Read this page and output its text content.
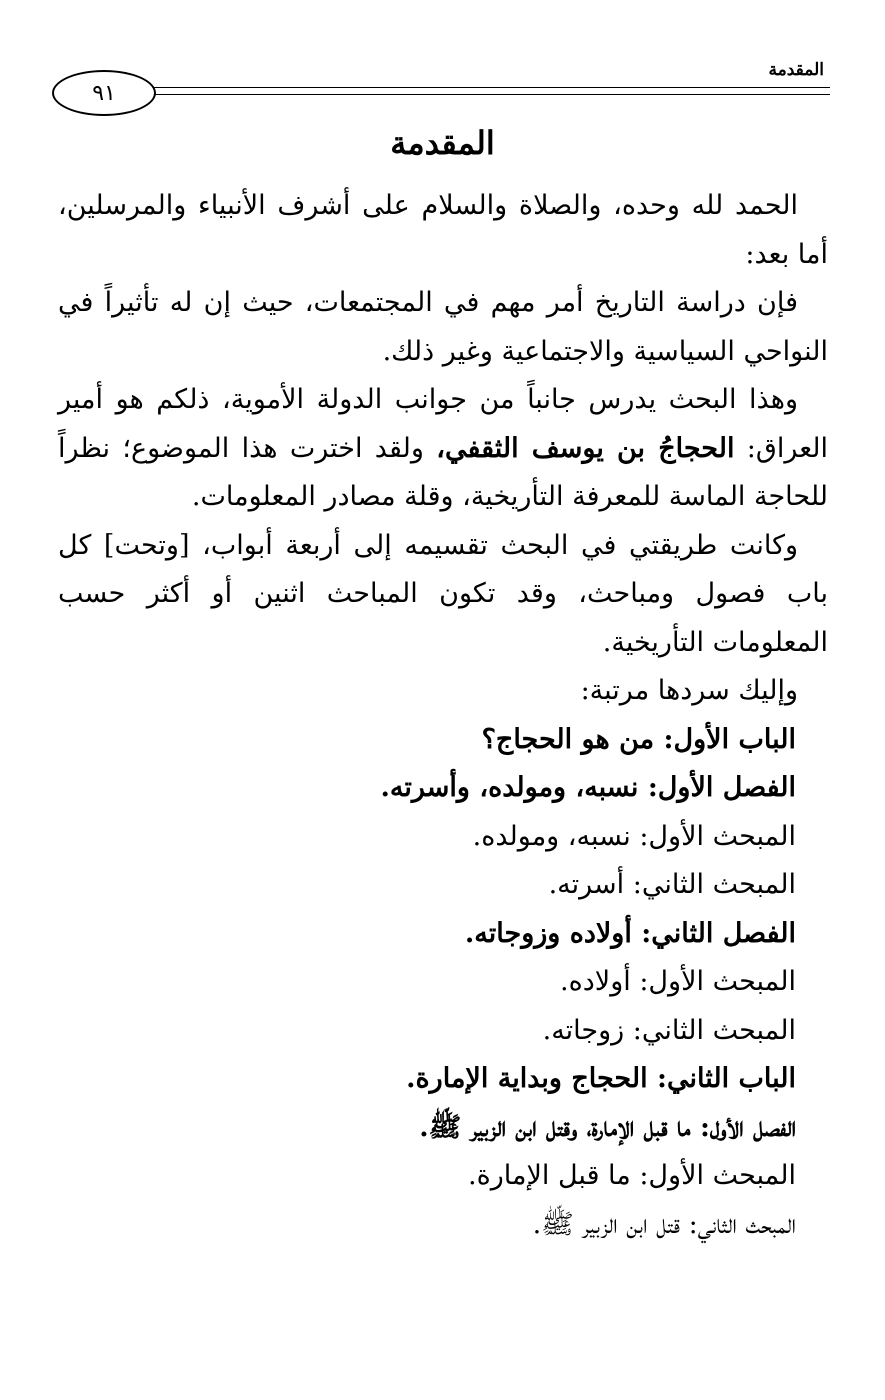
المقدمة
٩١
المقدمة

الحمد لله وحده، والصلاة والسلام على أشرف الأنبياء والمرسلين، أما بعد:

فإن دراسة التاريخ أمر مهم في المجتمعات، حيث إن له تأثيراً في النواحي السياسية والاجتماعية وغير ذلك.

وهذا البحث يدرس جانباً من جوانب الدولة الأموية، ذلكم هو أمير العراق: الحجاجُ بن يوسف الثقفي، ولقد اخترت هذا الموضوع؛ نظراً للحاجة الماسة للمعرفة التأريخية، وقلة مصادر المعلومات.

وكانت طريقتي في البحث تقسيمه إلى أربعة أبواب، [وتحت] كل باب فصول ومباحث، وقد تكون المباحث اثنين أو أكثر حسب المعلومات التأريخية.

وإليك سردها مرتبة:

الباب الأول: من هو الحجاج؟
الفصل الأول: نسبه، ومولده، وأسرته.
المبحث الأول: نسبه، ومولده.
المبحث الثاني: أسرته.
الفصل الثاني: أولاده وزوجاته.
المبحث الأول: أولاده.
المبحث الثاني: زوجاته.
الباب الثاني: الحجاج وبداية الإمارة.
الفصل الأول: ما قبل الإمارة، وقتل ابن الزبير ﷺ.
المبحث الأول: ما قبل الإمارة.
المبحث الثاني: قتل ابن الزبير ﷺ.
